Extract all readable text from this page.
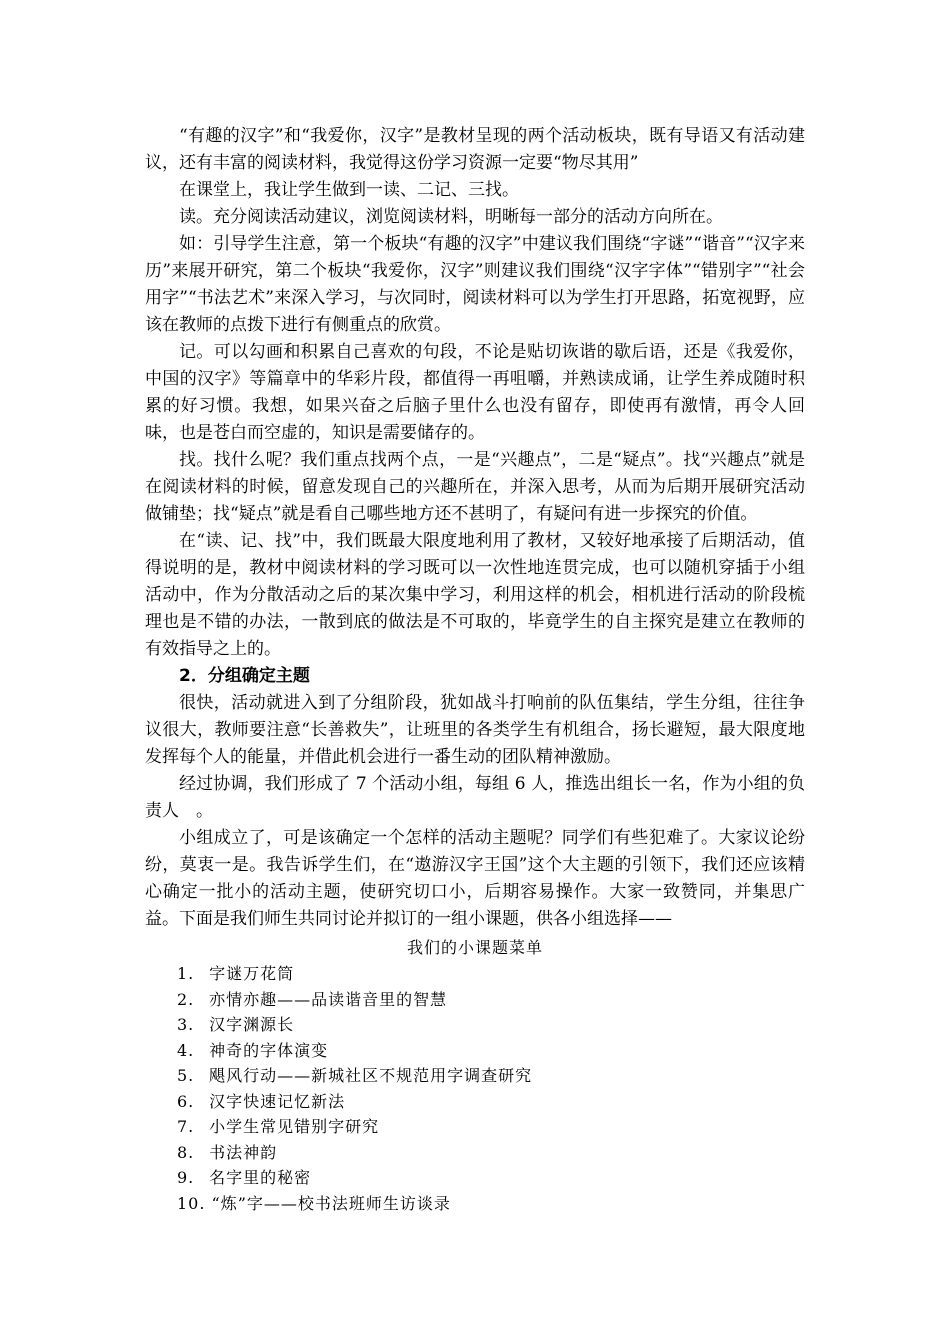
“有趣的汉字”和“我爱你，汉字”是教材呈现的两个活动板块，既有导语又有活动建议，还有丰富的阅读材料，我觉得这份学习资源一定要“物尽其用”

在课堂上，我让学生做到一读、二记、三找。

读。充分阅读活动建议，浏览阅读材料，明晰每一部分的活动方向所在。

如：引导学生注意，第一个板块“有趣的汉字”中建议我们围绕“字谜”“谐音”“汉字来历”来展开研究，第二个板块“我爱你，汉字”则建议我们围绕“汉字字体”“错别字”“社会用字”“书法艺术”来深入学习，与次同时，阅读材料可以为学生打开思路，拓宽视野，应该在教师的点拨下进行有侧重点的欣赏。

记。可以勾画和积累自己喜欢的句段，不论是贴切诙谐的歇后语，还是《我爱你，中国的汉字》等篇章中的华彩片段，都值得一再咀嚼，并熟读成诵，让学生养成随时积累的好习惯。我想，如果兴奋之后脑子里什么也没有留存，即使再有激情，再令人回味，也是苍白而空虚的，知识是需要储存的。

找。找什么呢？我们重点找两个点，一是“兴趣点”，二是“疑点”。找“兴趣点”就是在阅读材料的时候，留意发现自己的兴趣所在，并深入思考，从而为后期开展研究活动做铺垫；找“疑点”就是看自己哪些地方还不甚明了，有疑问有进一步探究的价值。

在“读、记、找”中，我们既最大限度地利用了教材，又较好地承接了后期活动，值得说明的是，教材中阅读材料的学习既可以一次性地连贯完成，也可以随机穿插于小组活动中，作为分散活动之后的某次集中学习，利用这样的机会，相机进行活动的阶段梳理也是不错的办法，一散到底的做法是不可取的，毕竟学生的自主探究是建立在教师的有效指导之上的。

2．分组确定主题

很快，活动就进入到了分组阶段，犹如战斗打响前的队伍集结，学生分组，往往争议很大，教师要注意“长善救失”，让班里的各类学生有机组合，扬长避短，最大限度地发挥每个人的能量，并借此机会进行一番生动的团队精神激励。

经过协调，我们形成了 7 个活动小组，每组 6 人，推选出组长一名，作为小组的负责人　。

小组成立了，可是该确定一个怎样的活动主题呢？同学们有些犯难了。大家议论纷纷，莫衷一是。我告诉学生们，在“遨游汉字王国”这个大主题的引领下，我们还应该精心确定一批小的活动主题，使研究切口小，后期容易操作。大家一致赞同，并集思广益。下面是我们师生共同讨论并拟订的一组小课题，供各小组选择——

我们的小课题菜单
1. 字谜万花筒
2. 亦情亦趣——品读谐音里的智慧
3. 汉字渊源长
4. 神奇的字体演变
5. 飓风行动——新城社区不规范用字调查研究
6. 汉字快速记忆新法
7. 小学生常见错别字研究
8. 书法神韵
9. 名字里的秘密
10. “炼”字——校书法班师生访谈录
